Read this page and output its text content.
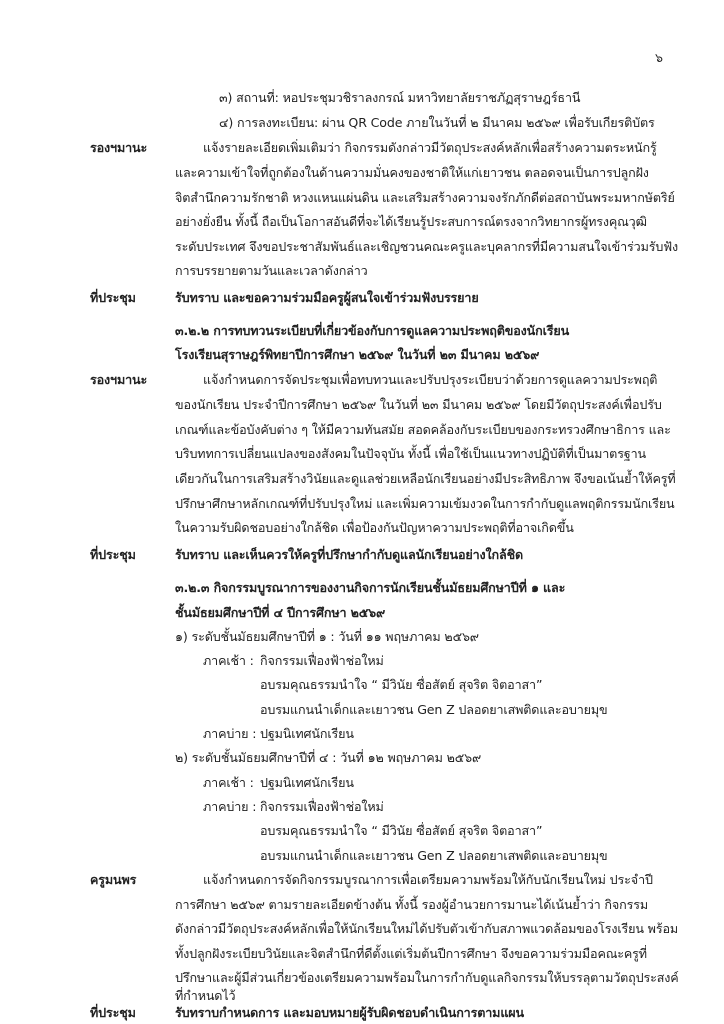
๖
๓) สถานที่: หอประชุมวชิราลงกรณ์ มหาวิทยาลัยราชภัฏสุราษฎร์ธานี
๔) การลงทะเบียน: ผ่าน QR Code ภายในวันที่ ๒ มีนาคม ๒๕๖๙ เพื่อรับเกียรติบัตร
รองฯมานะ	แจ้งรายละเอียดเพิ่มเติมว่า กิจกรรมดังกล่าวมีวัตถุประสงค์หลักเพื่อสร้างความตระหนักรู้
และความเข้าใจที่ถูกต้องในด้านความมั่นคงของชาติให้แก่เยาวชน ตลอดจนเป็นการปลูกฝัง
จิตสำนึกความรักชาติ หวงแหนแผ่นดิน และเสริมสร้างความจงรักภักดีต่อสถาบันพระมหากษัตริย์
อย่างยั่งยืน ทั้งนี้ ถือเป็นโอกาสอันดีที่จะได้เรียนรู้ประสบการณ์ตรงจากวิทยากรผู้ทรงคุณวุฒิ
ระดับประเทศ จึงขอประชาสัมพันธ์และเชิญชวนคณะครูและบุคลากรที่มีความสนใจเข้าร่วมรับฟัง
การบรรยายตามวันและเวลาดังกล่าว
ที่ประชุม	รับทราบ และขอความร่วมมือครูผู้สนใจเข้าร่วมฟังบรรยาย
๓.๒.๒ การทบทวนระเบียบที่เกี่ยวข้องกับการดูแลความประพฤติของนักเรียน
โรงเรียนสุราษฎร์พิทยาปีการศึกษา ๒๕๖๙ ในวันที่ ๒๓ มีนาคม ๒๕๖๙
รองฯมานะ	แจ้งกำหนดการจัดประชุมเพื่อทบทวนและปรับปรุงระเบียบว่าด้วยการดูแลความประพฤติ
ของนักเรียน ประจำปีการศึกษา ๒๕๖๙ ในวันที่ ๒๓ มีนาคม ๒๕๖๙ โดยมีวัตถุประสงค์เพื่อปรับ
เกณฑ์และข้อบังคับต่าง ๆ ให้มีความทันสมัย สอดคล้องกับระเบียบของกระทรวงศึกษาธิการ และ
บริบททการเปลี่ยนแปลงของสังคมในปัจจุบัน ทั้งนี้ เพื่อใช้เป็นแนวทางปฏิบัติที่เป็นมาตรฐาน
เดียวกันในการเสริมสร้างวินัยและดูแลช่วยเหลือนักเรียนอย่างมีประสิทธิภาพ จึงขอเน้นย้ำให้ครูที่
ปรึกษาศึกษาหลักเกณฑ์ที่ปรับปรุงใหม่ และเพิ่มความเข้มงวดในการกำกับดูแลพฤติกรรมนักเรียน
ในความรับผิดชอบอย่างใกล้ชิด เพื่อป้องกันปัญหาความประพฤติที่อาจเกิดขึ้น
ที่ประชุม	รับทราบ และเห็นควรให้ครูที่ปรึกษากำกับดูแลนักเรียนอย่างใกล้ชิด
๓.๒.๓ กิจกรรมบูรณาการของงานกิจการนักเรียนชั้นมัธยมศึกษาปีที่ ๑ และ
ชั้นมัธยมศึกษาปีที่ ๔ ปีการศึกษา ๒๕๖๙
๑) ระดับชั้นมัธยมศึกษาปีที่ ๑ : วันที่ ๑๑ พฤษภาคม ๒๕๖๙
ภาคเช้า : กิจกรรมเฟื่องฟ้าช่อใหม่
อบรมคุณธรรมนำใจ “ มีวินัย ซื่อสัตย์ สุจริต จิตอาสา”
อบรมแกนนำเด็กและเยาวชน Gen Z ปลอดยาเสพติดและอบายมุข
ภาคบ่าย : ปฐมนิเทศนักเรียน
๒) ระดับชั้นมัธยมศึกษาปีที่ ๔ : วันที่ ๑๒ พฤษภาคม ๒๕๖๙
ภาคเช้า : ปฐมนิเทศนักเรียน
ภาคบ่าย : กิจกรรมเฟื่องฟ้าช่อใหม่
อบรมคุณธรรมนำใจ “ มีวินัย ซื่อสัตย์ สุจริต จิตอาสา”
อบรมแกนนำเด็กและเยาวชน Gen Z ปลอดยาเสพติดและอบายมุข
ครูมนพร	แจ้งกำหนดการจัดกิจกรรมบูรณาการเพื่อเตรียมความพร้อมให้กับนักเรียนใหม่ ประจำปี
การศึกษา ๒๕๖๙ ตามรายละเอียดข้างต้น ทั้งนี้ รองผู้อำนวยการมานะได้เน้นย้ำว่า กิจกรรม
ดังกล่าวมีวัตถุประสงค์หลักเพื่อให้นักเรียนใหม่ได้ปรับตัวเข้ากับสภาพแวดล้อมของโรงเรียน พร้อม
ทั้งปลูกฝังระเบียบวินัยและจิตสำนึกที่ดีตั้งแต่เริ่มต้นปีการศึกษา จึงขอความร่วมมือคณะครูที่
ปรึกษาและผู้มีส่วนเกี่ยวข้องเตรียมความพร้อมในการกำกับดูแลกิจกรรมให้บรรลุตามวัตถุประสงค์
ที่กำหนดไว้
ที่ประชุม	รับทราบกำหนดการ และมอบหมายผู้รับผิดชอบดำเนินการตามแผน
